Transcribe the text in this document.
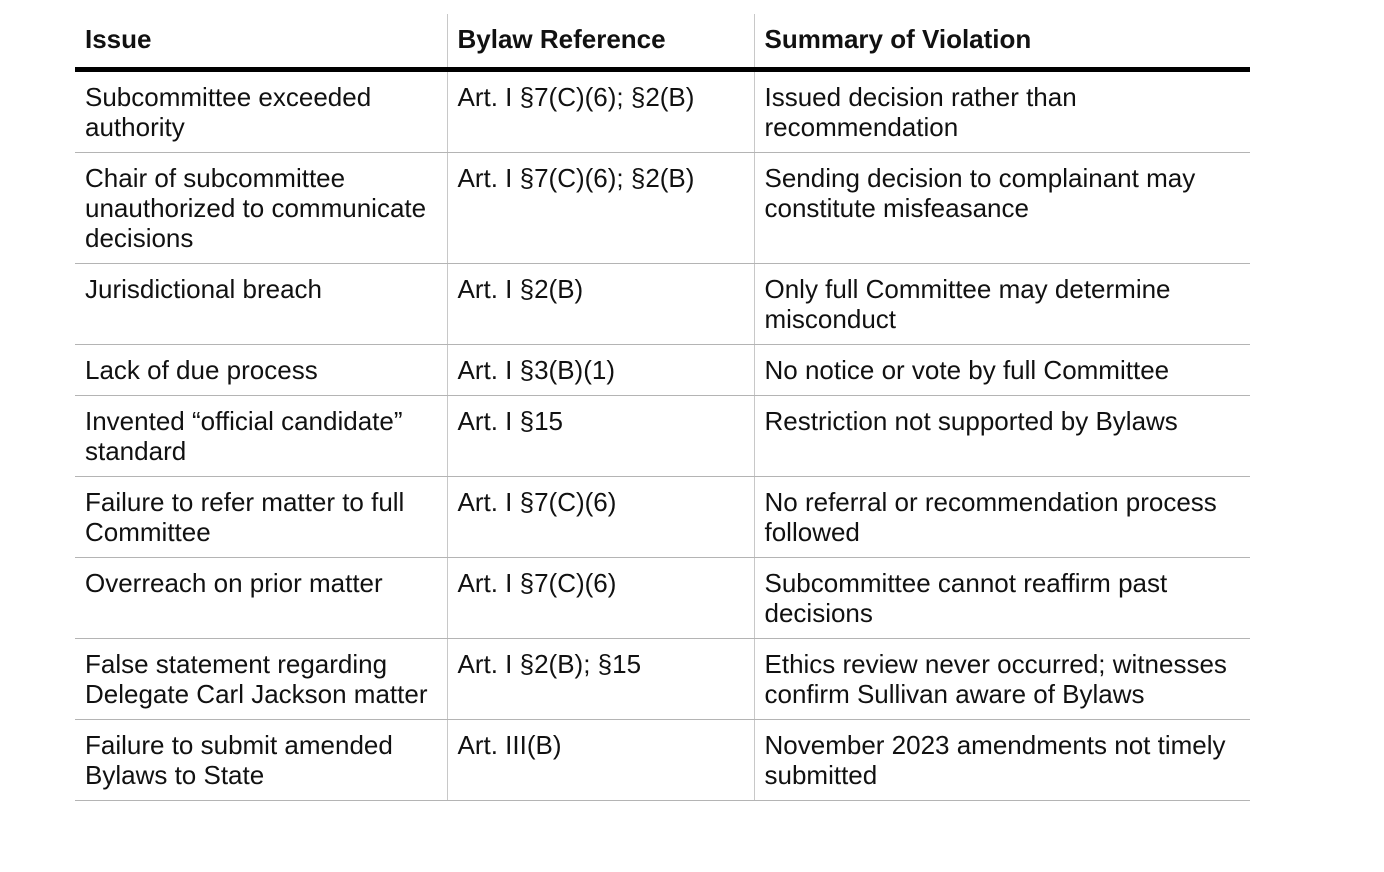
Issue	Bylaw Reference	Summary of Violation
Subcommittee exceeded authority	Art. I §7(C)(6); §2(B)	Issued decision rather than recommendation
Chair of subcommittee unauthorized to communicate decisions	Art. I §7(C)(6); §2(B)	Sending decision to complainant may constitute misfeasance
Jurisdictional breach	Art. I §2(B)	Only full Committee may determine misconduct
Lack of due process	Art. I §3(B)(1)	No notice or vote by full Committee
Invented “official candidate” standard	Art. I §15	Restriction not supported by Bylaws
Failure to refer matter to full Committee	Art. I §7(C)(6)	No referral or recommendation process followed
Overreach on prior matter	Art. I §7(C)(6)	Subcommittee cannot reaffirm past decisions
False statement regarding Delegate Carl Jackson matter	Art. I §2(B); §15	Ethics review never occurred; witnesses confirm Sullivan aware of Bylaws
Failure to submit amended Bylaws to State	Art. III(B)	November 2023 amendments not timely submitted
